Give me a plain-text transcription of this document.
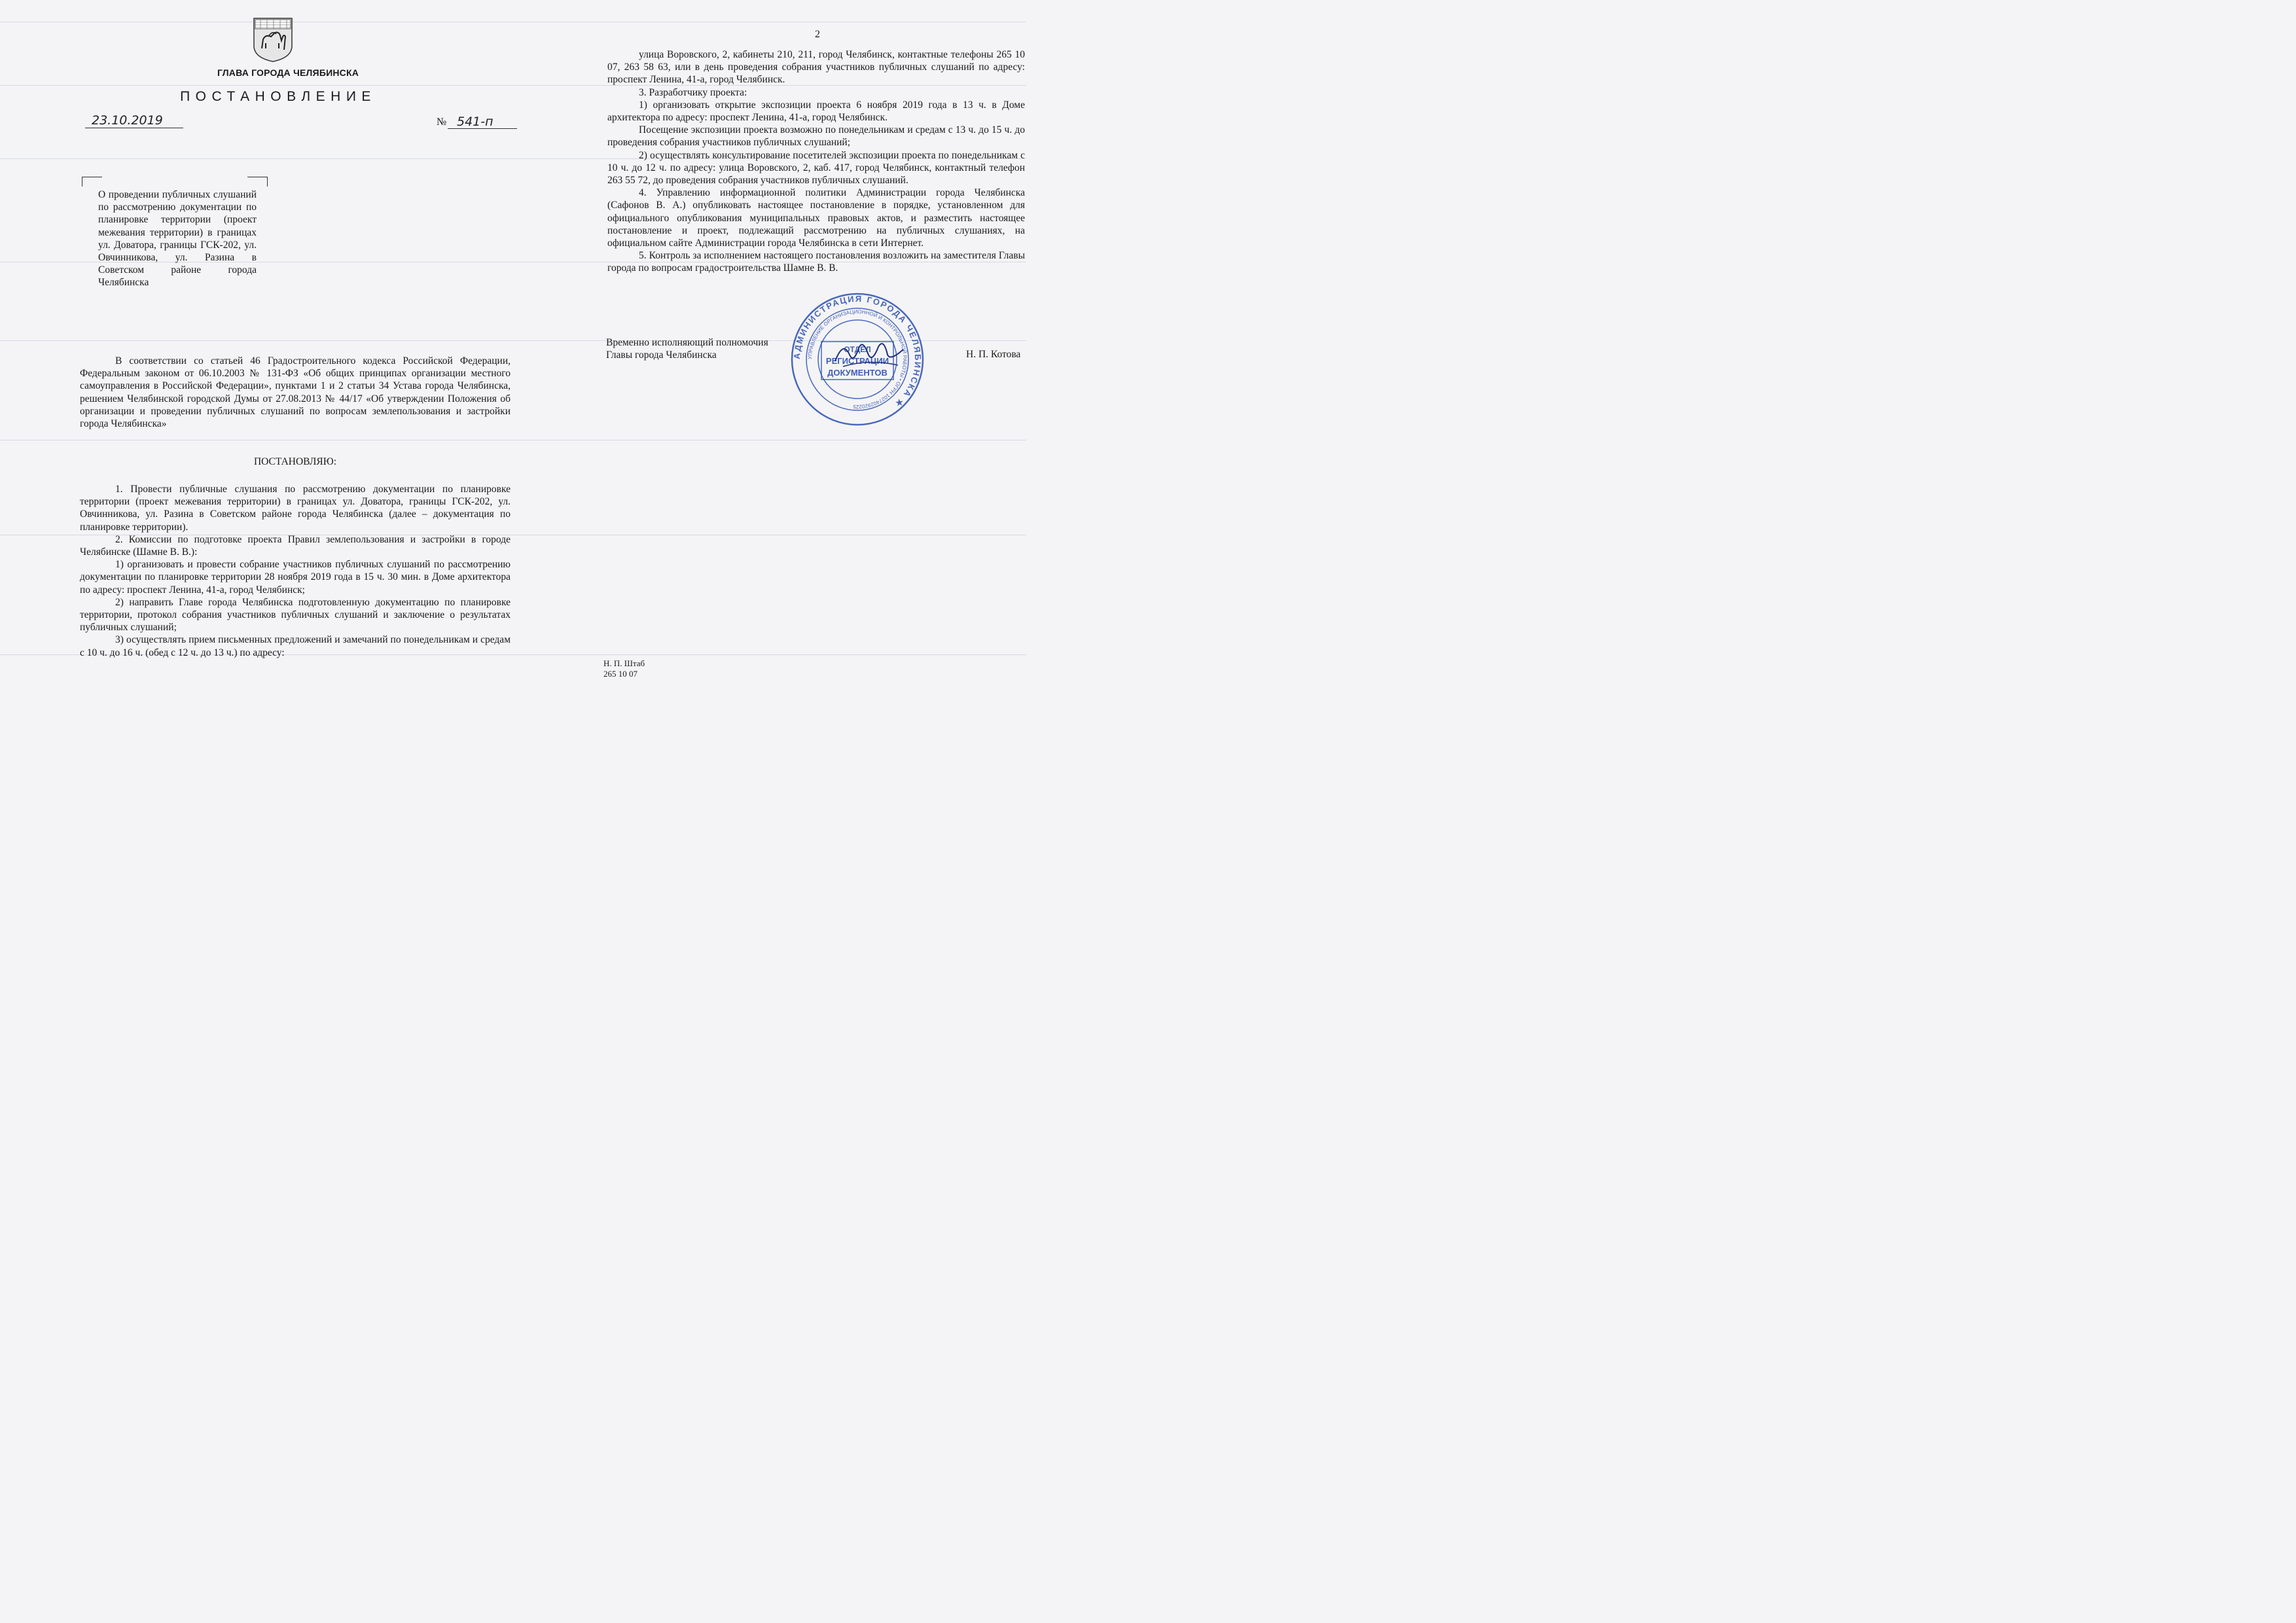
ГЛАВА ГОРОДА ЧЕЛЯБИНСКА
ПОСТАНОВЛЕНИЕ
23.10.2019	№ 541-п
О проведении публичных слушаний по рассмотрению документации по планировке территории (проект межевания территории) в границах ул. Доватора, границы ГСК-202, ул. Овчинникова, ул. Разина в Советском районе города Челябинска

В соответствии со статьей 46 Градостроительного кодекса Российской Федерации, Федеральным законом от 06.10.2003 № 131-ФЗ «Об общих принципах организации местного самоуправления в Российской Федерации», пунктами 1 и 2 статьи 34 Устава города Челябинска, решением Челябинской городской Думы от 27.08.2013 № 44/17 «Об утверждении Положения об организации и проведении публичных слушаний по вопросам землепользования и застройки города Челябинска»

ПОСТАНОВЛЯЮ:

1. Провести публичные слушания по рассмотрению документации по планировке территории (проект межевания территории) в границах ул. Доватора, границы ГСК-202, ул. Овчинникова, ул. Разина в Советском районе города Челябинска (далее – документация по планировке территории).

2. Комиссии по подготовке проекта Правил землепользования и застройки в городе Челябинске (Шамне В. В.):

1) организовать и провести собрание участников публичных слушаний по рассмотрению документации по планировке территории 28 ноября 2019 года в 15 ч. 30 мин. в Доме архитектора по адресу: проспект Ленина, 41-а, город Челябинск;

2) направить Главе города Челябинска подготовленную документацию по планировке территории, протокол собрания участников публичных слушаний и заключение о результатах публичных слушаний;

3) осуществлять прием письменных предложений и замечаний по понедельникам и средам с 10 ч. до 16 ч. (обед с 12 ч. до 13 ч.) по адресу:

2

улица Воровского, 2, кабинеты 210, 211, город Челябинск, контактные телефоны 265 10 07, 263 58 63, или в день проведения собрания участников публичных слушаний по адресу: проспект Ленина, 41-а, город Челябинск.

3. Разработчику проекта:

1) организовать открытие экспозиции проекта 6 ноября 2019 года в 13 ч. в Доме архитектора по адресу: проспект Ленина, 41-а, город Челябинск.

Посещение экспозиции проекта возможно по понедельникам и средам с 13 ч. до 15 ч. до проведения собрания участников публичных слушаний;

2) осуществлять консультирование посетителей экспозиции проекта по понедельникам с 10 ч. до 12 ч. по адресу: улица Воровского, 2, каб. 417, город Челябинск, контактный телефон 263 55 72, до проведения собрания участников публичных слушаний.

4. Управлению информационной политики Администрации города Челябинска (Сафонов В. А.) опубликовать настоящее постановление в порядке, установленном для официального опубликования муниципальных правовых актов, и разместить настоящее постановление и проект, подлежащий рассмотрению на публичных слушаниях, на официальном сайте Администрации города Челябинска в сети Интернет.

5. Контроль за исполнением настоящего постановления возложить на заместителя Главы города по вопросам градостроительства Шамне В. В.

Временно исполняющий полномочия
Главы города Челябинска	Н. П. Котова
АДМИНИСТРАЦИЯ ГОРОДА ЧЕЛЯБИНСКА ★
УПРАВЛЕНИЕ ОРГАНИЗАЦИОННОЙ И КОНТРОЛЬНОЙ РАБОТЫ • ОГРН 1027402920225
ОТДЕЛ
РЕГИСТРАЦИИ
ДОКУМЕНТОВ
Н. П. Штаб
265 10 07
